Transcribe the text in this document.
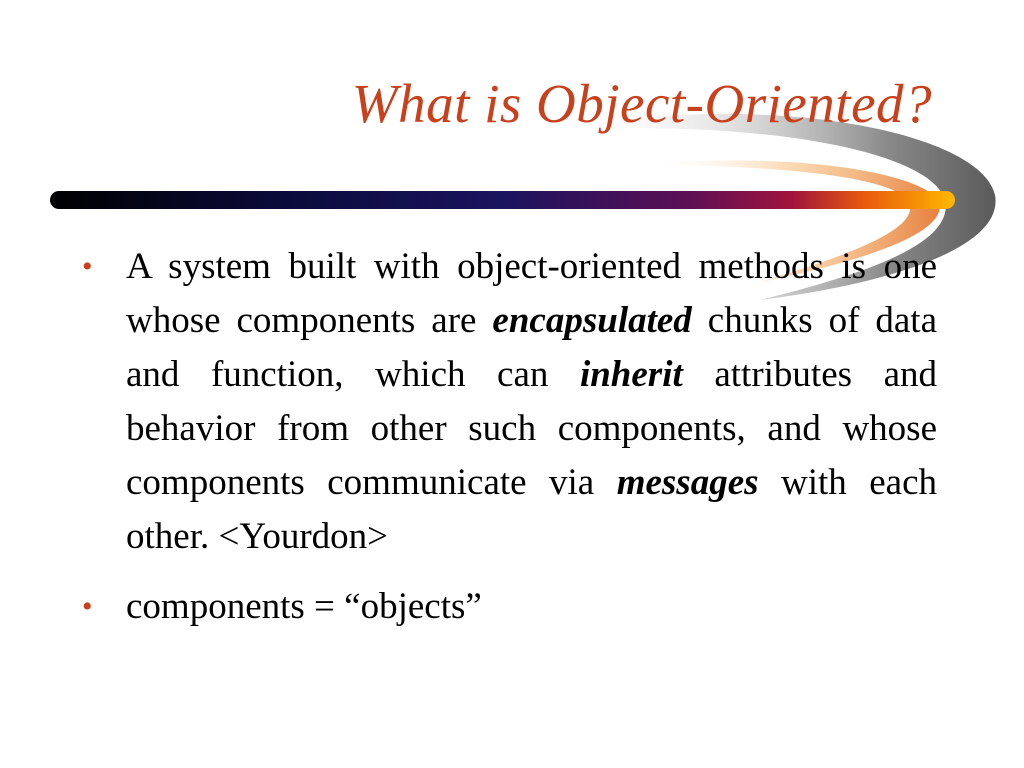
What is Object-Oriented?
• A system built with object-oriented methods is one whose components are encapsulated chunks of data and function, which can inherit attributes and behavior from other such components, and whose components communicate via messages with each other. <Yourdon>
• components = “objects”
